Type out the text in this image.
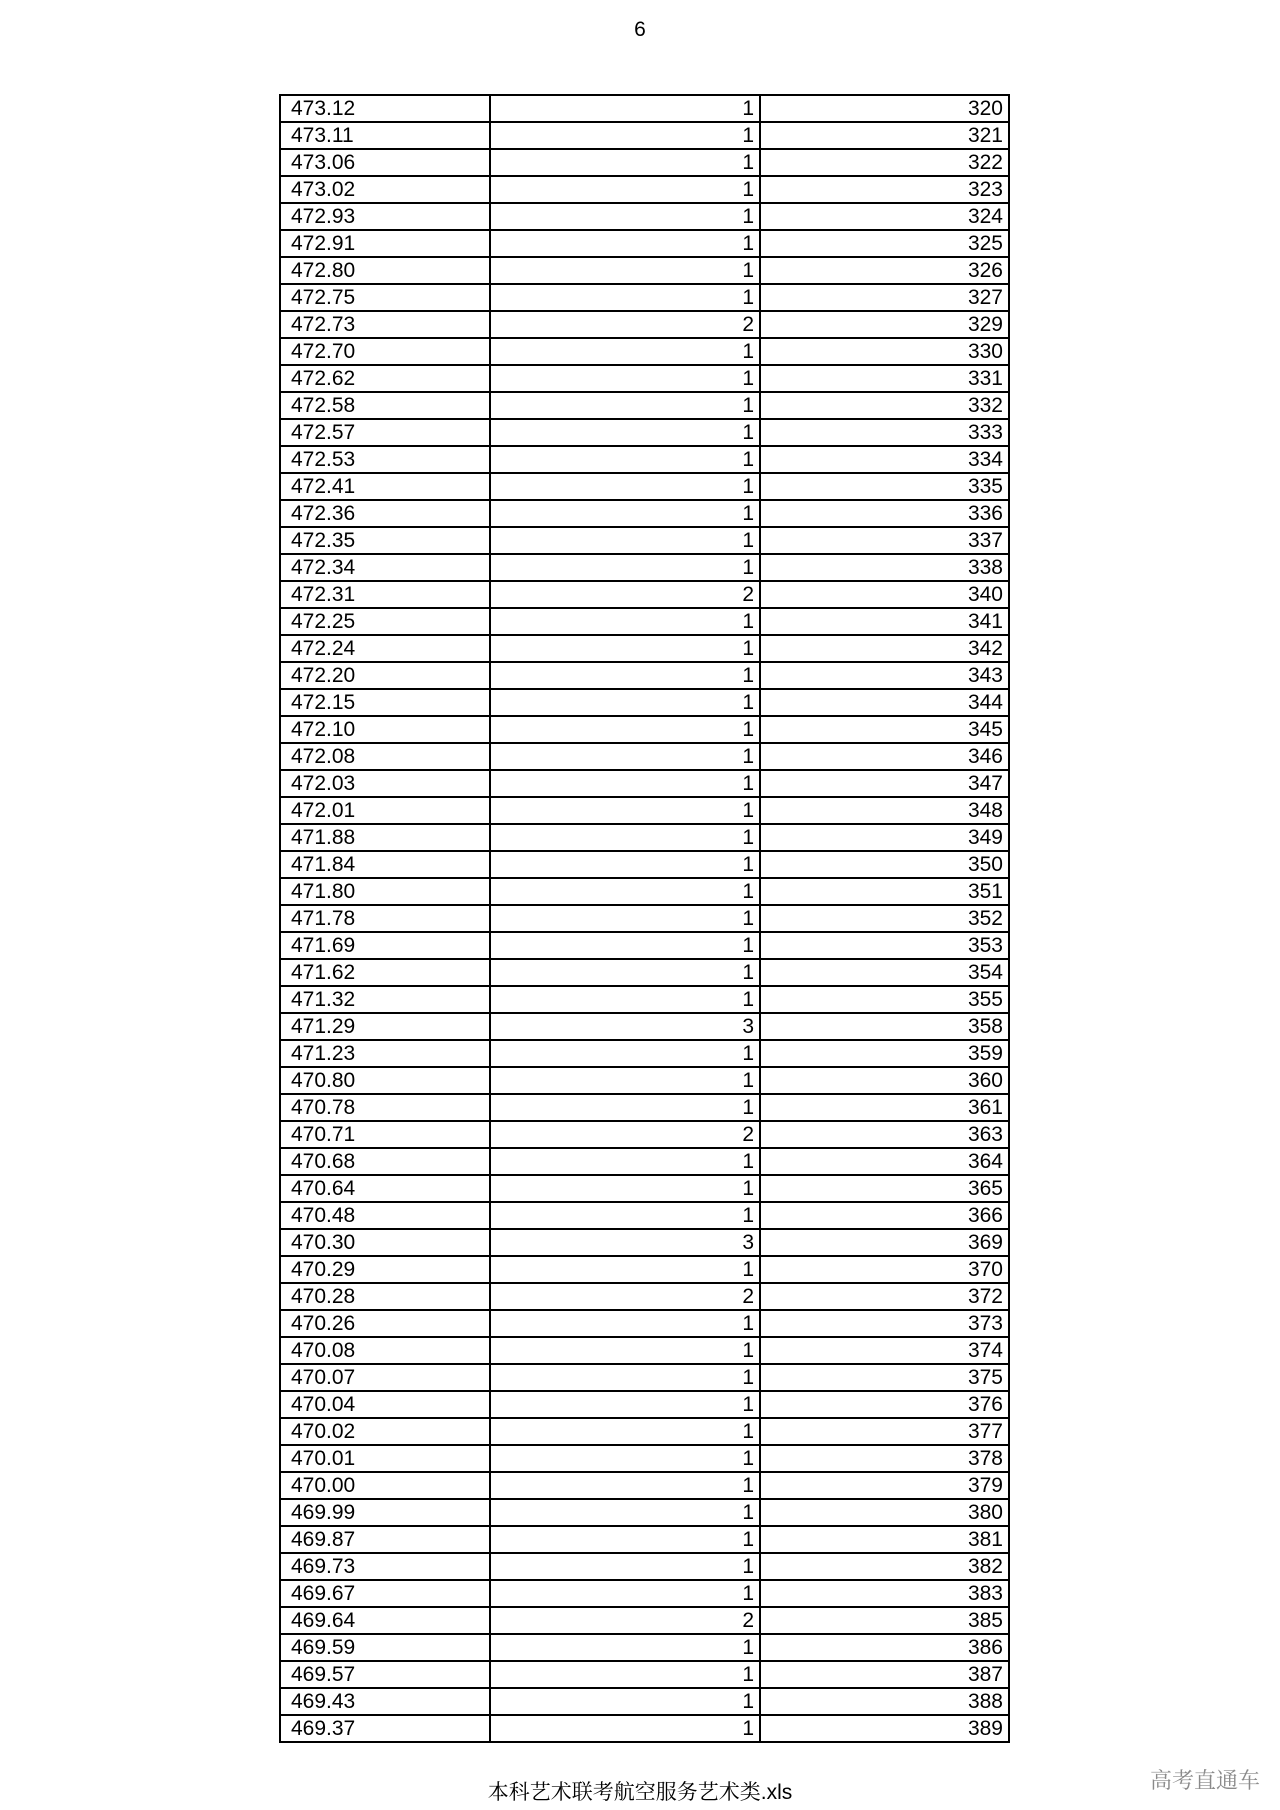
6
473.12	1	320
473.11	1	321
473.06	1	322
473.02	1	323
472.93	1	324
472.91	1	325
472.80	1	326
472.75	1	327
472.73	2	329
472.70	1	330
472.62	1	331
472.58	1	332
472.57	1	333
472.53	1	334
472.41	1	335
472.36	1	336
472.35	1	337
472.34	1	338
472.31	2	340
472.25	1	341
472.24	1	342
472.20	1	343
472.15	1	344
472.10	1	345
472.08	1	346
472.03	1	347
472.01	1	348
471.88	1	349
471.84	1	350
471.80	1	351
471.78	1	352
471.69	1	353
471.62	1	354
471.32	1	355
471.29	3	358
471.23	1	359
470.80	1	360
470.78	1	361
470.71	2	363
470.68	1	364
470.64	1	365
470.48	1	366
470.30	3	369
470.29	1	370
470.28	2	372
470.26	1	373
470.08	1	374
470.07	1	375
470.04	1	376
470.02	1	377
470.01	1	378
470.00	1	379
469.99	1	380
469.87	1	381
469.73	1	382
469.67	1	383
469.64	2	385
469.59	1	386
469.57	1	387
469.43	1	388
469.37	1	389
本科艺术联考航空服务艺术类.xls	高考直通车
